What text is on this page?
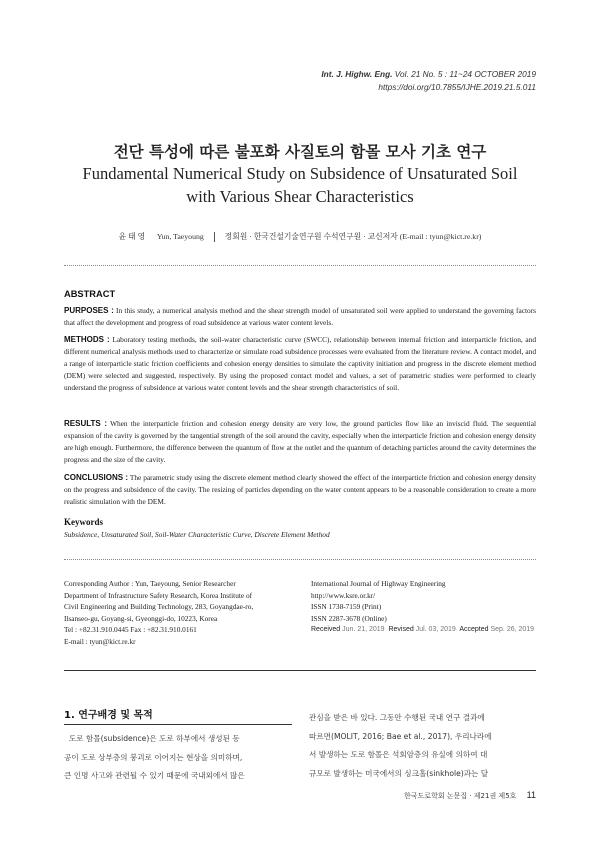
Int. J. Highw. Eng. Vol. 21 No. 5 : 11~24 OCTOBER 2019
https://doi.org/10.7855/IJHE.2019.21.5.011
전단 특성에 따른 불포화 사질토의 함몰 모사 기초 연구
Fundamental Numerical Study on Subsidence of Unsaturated Soil
with Various Shear Characteristics
윤 태 영 Yun, Taeyoung	정회원 · 한국건설기술연구원 수석연구원 · 교신저자 (E-mail : tyun@kict.re.kr)
ABSTRACT
PURPOSES : In this study, a numerical analysis method and the shear strength model of unsaturated soil were applied to understand the governing factors that affect the development and progress of road subsidence at various water content levels.
METHODS : Laboratory testing methods, the soil-water characteristic curve (SWCC), relationship between internal friction and interparticle friction, and different numerical analysis methods used to characterize or simulate road subsidence processes were evaluated from the literature review. A contact model, and a range of interparticle static friction coefficients and cohesion energy densities to simulate the captivity initiation and progress in the discrete element method (DEM) were selected and suggested, respectively. By using the proposed contact model and values, a set of parametric studies were performed to clearly understand the progress of subsidence at various water content levels and the shear strength characteristics of soil.
RESULTS : When the interparticle friction and cohesion energy density are very low, the ground particles flow like an inviscid fluid. The sequential expansion of the cavity is governed by the tangential strength of the soil around the cavity, especially when the interparticle friction and cohesion energy density are high enough. Furthermore, the difference between the quantum of flow at the outlet and the quantum of detaching particles around the cavity determines the progress and the size of the cavity.
CONCLUSIONS : The parametric study using the discrete element method clearly showed the effect of the interparticle friction and cohesion energy density on the progress and subsidence of the cavity. The resizing of particles depending on the water content appears to be a reasonable consideration to create a more realistic simulation with the DEM.
Keywords
Subsidence, Unsaturated Soil, Soil-Water Characteristic Curve, Discrete Element Method
Corresponding Author : Yun, Taeyoung, Senior Researcher
Department of Infrastructure Safety Research, Korea Institute of
Civil Engineering and Building Technology, 283, Goyangdae-ro,
Ilsanseo-gu, Goyang-si, Gyeonggi-do, 10223, Korea
Tel : +82.31.910.0445 Fax : +82.31.910.0161
E-mail : tyun@kict.re.kr
International Journal of Highway Engineering
http://www.ksre.or.kr/
ISSN 1738-7159 (Print)
ISSN 2287-3678 (Online)
Received Jun. 21, 2019 Revised Jul. 03, 2019 Accepted Sep. 26, 2019
1. 연구배경 및 목적
도로 함몰(subsidence)은 도로 하부에서 생성된 동
공이 도로 상부층의 붕괴로 이어지는 현상을 의미하며,
큰 인명 사고와 관련될 수 있기 때문에 국내외에서 많은
관심을 받은 바 있다. 그동안 수행된 국내 연구 결과에
따르면(MOLIT, 2016; Bae et al., 2017), 우리나라에
서 발생하는 도로 함몰은 석회암층의 유실에 의하여 대
규모로 발생하는 미국에서의 싱크홀(sinkhole)과는 달
한국도로학회 논문집 · 제21권 제5호 11
